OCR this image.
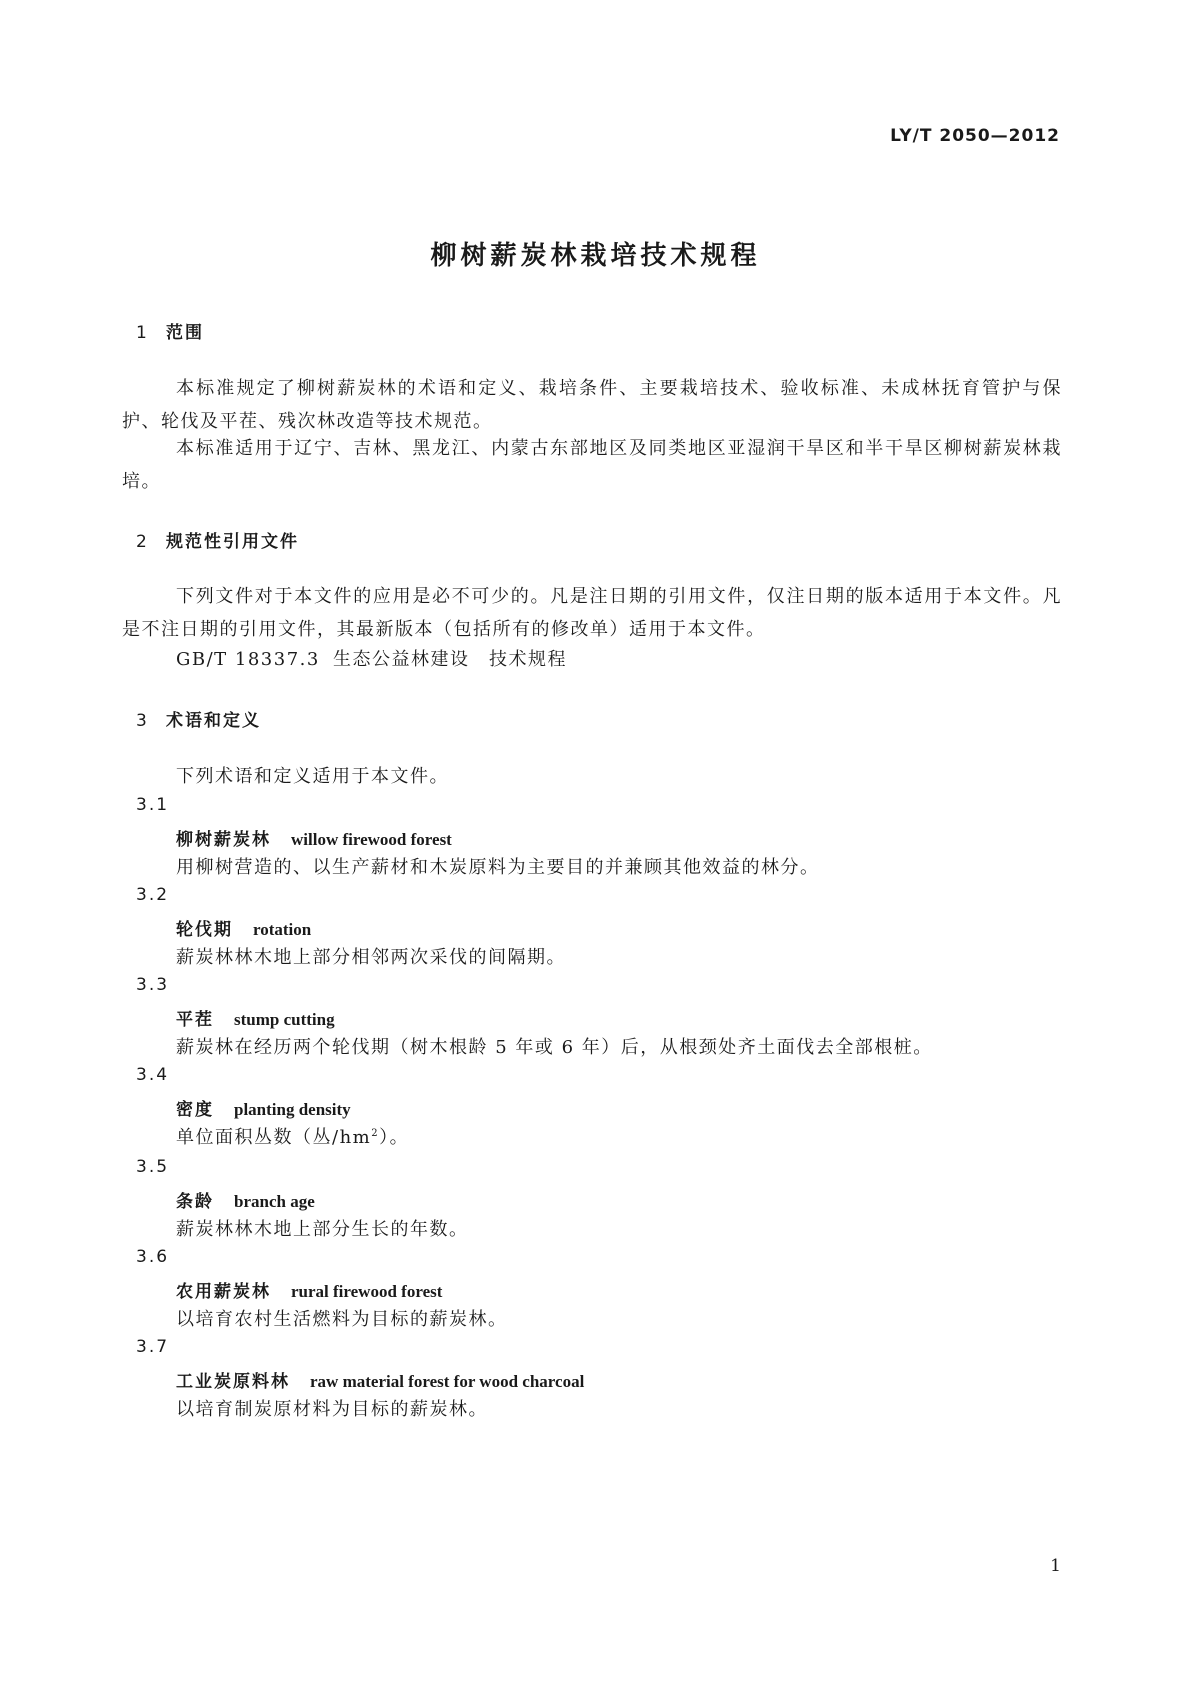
LY/T 2050—2012
柳树薪炭林栽培技术规程
1 范围
本标准规定了柳树薪炭林的术语和定义、栽培条件、主要栽培技术、验收标准、未成林抚育管护与保护、轮伐及平茬、残次林改造等技术规范。
本标准适用于辽宁、吉林、黑龙江、内蒙古东部地区及同类地区亚湿润干旱区和半干旱区柳树薪炭林栽培。
2 规范性引用文件
下列文件对于本文件的应用是必不可少的。凡是注日期的引用文件，仅注日期的版本适用于本文件。凡是不注日期的引用文件，其最新版本（包括所有的修改单）适用于本文件。
GB/T 18337.3 生态公益林建设　技术规程
3 术语和定义
下列术语和定义适用于本文件。
3.1
柳树薪炭林 willow firewood forest
用柳树营造的、以生产薪材和木炭原料为主要目的并兼顾其他效益的林分。
3.2
轮伐期 rotation
薪炭林林木地上部分相邻两次采伐的间隔期。
3.3
平茬 stump cutting
薪炭林在经历两个轮伐期（树木根龄 5 年或 6 年）后，从根颈处齐土面伐去全部根桩。
3.4
密度 planting density
单位面积丛数（丛$/hm^2$）。
3.5
条龄 branch age
薪炭林林木地上部分生长的年数。
3.6
农用薪炭林 rural firewood forest
以培育农村生活燃料为目标的薪炭林。
3.7
工业炭原料林 raw material forest for wood charcoal
以培育制炭原材料为目标的薪炭林。
1
